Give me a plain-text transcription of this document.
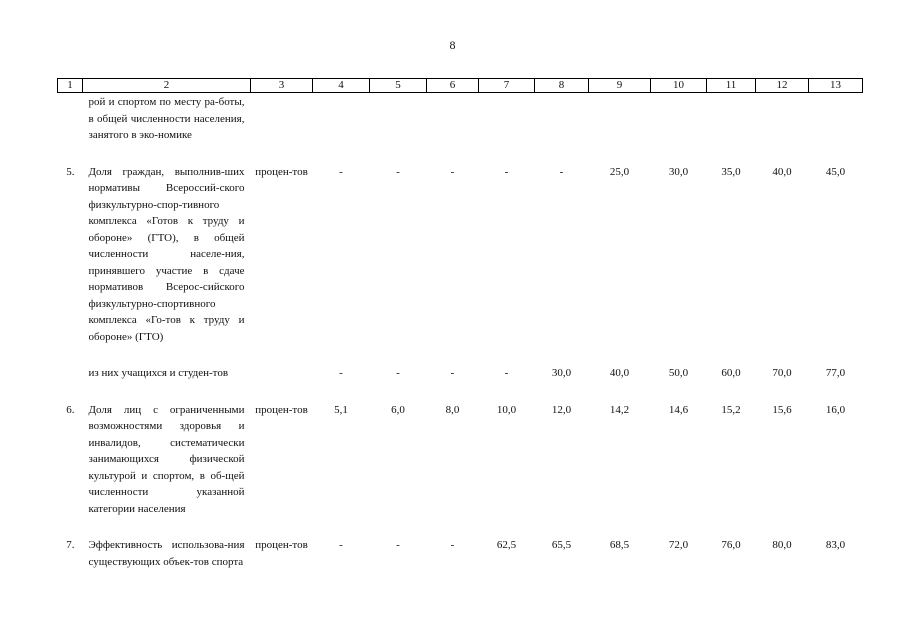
8
1	2	3	4	5	6	7	8	9	10	11	12	13
	рой и спортом по месту ра-боты, в общей численности населения, занятого в эко-номике											
5.	Доля граждан, выполнив-ших нормативы Всероссий-ского физкультурно-спор-тивного комплекса «Готов к труду и обороне» (ГТО), в общей численности населе-ния, принявшего участие в сдаче нормативов Всерос-сийского физкультурно-спортивного комплекса «Го-тов к труду и обороне» (ГТО)	процен-тов	-	-	-	-	-	25,0	30,0	35,0	40,0	45,0
	из них учащихся и студен-тов		-	-	-	-	30,0	40,0	50,0	60,0	70,0	77,0
6.	Доля лиц с ограниченными возможностями здоровья и инвалидов, систематически занимающихся физической культурой и спортом, в об-щей численности указанной категории населения	процен-тов	5,1	6,0	8,0	10,0	12,0	14,2	14,6	15,2	15,6	16,0
7.	Эффективность использова-ния существующих объек-тов спорта	процен-тов	-	-	-	62,5	65,5	68,5	72,0	76,0	80,0	83,0
